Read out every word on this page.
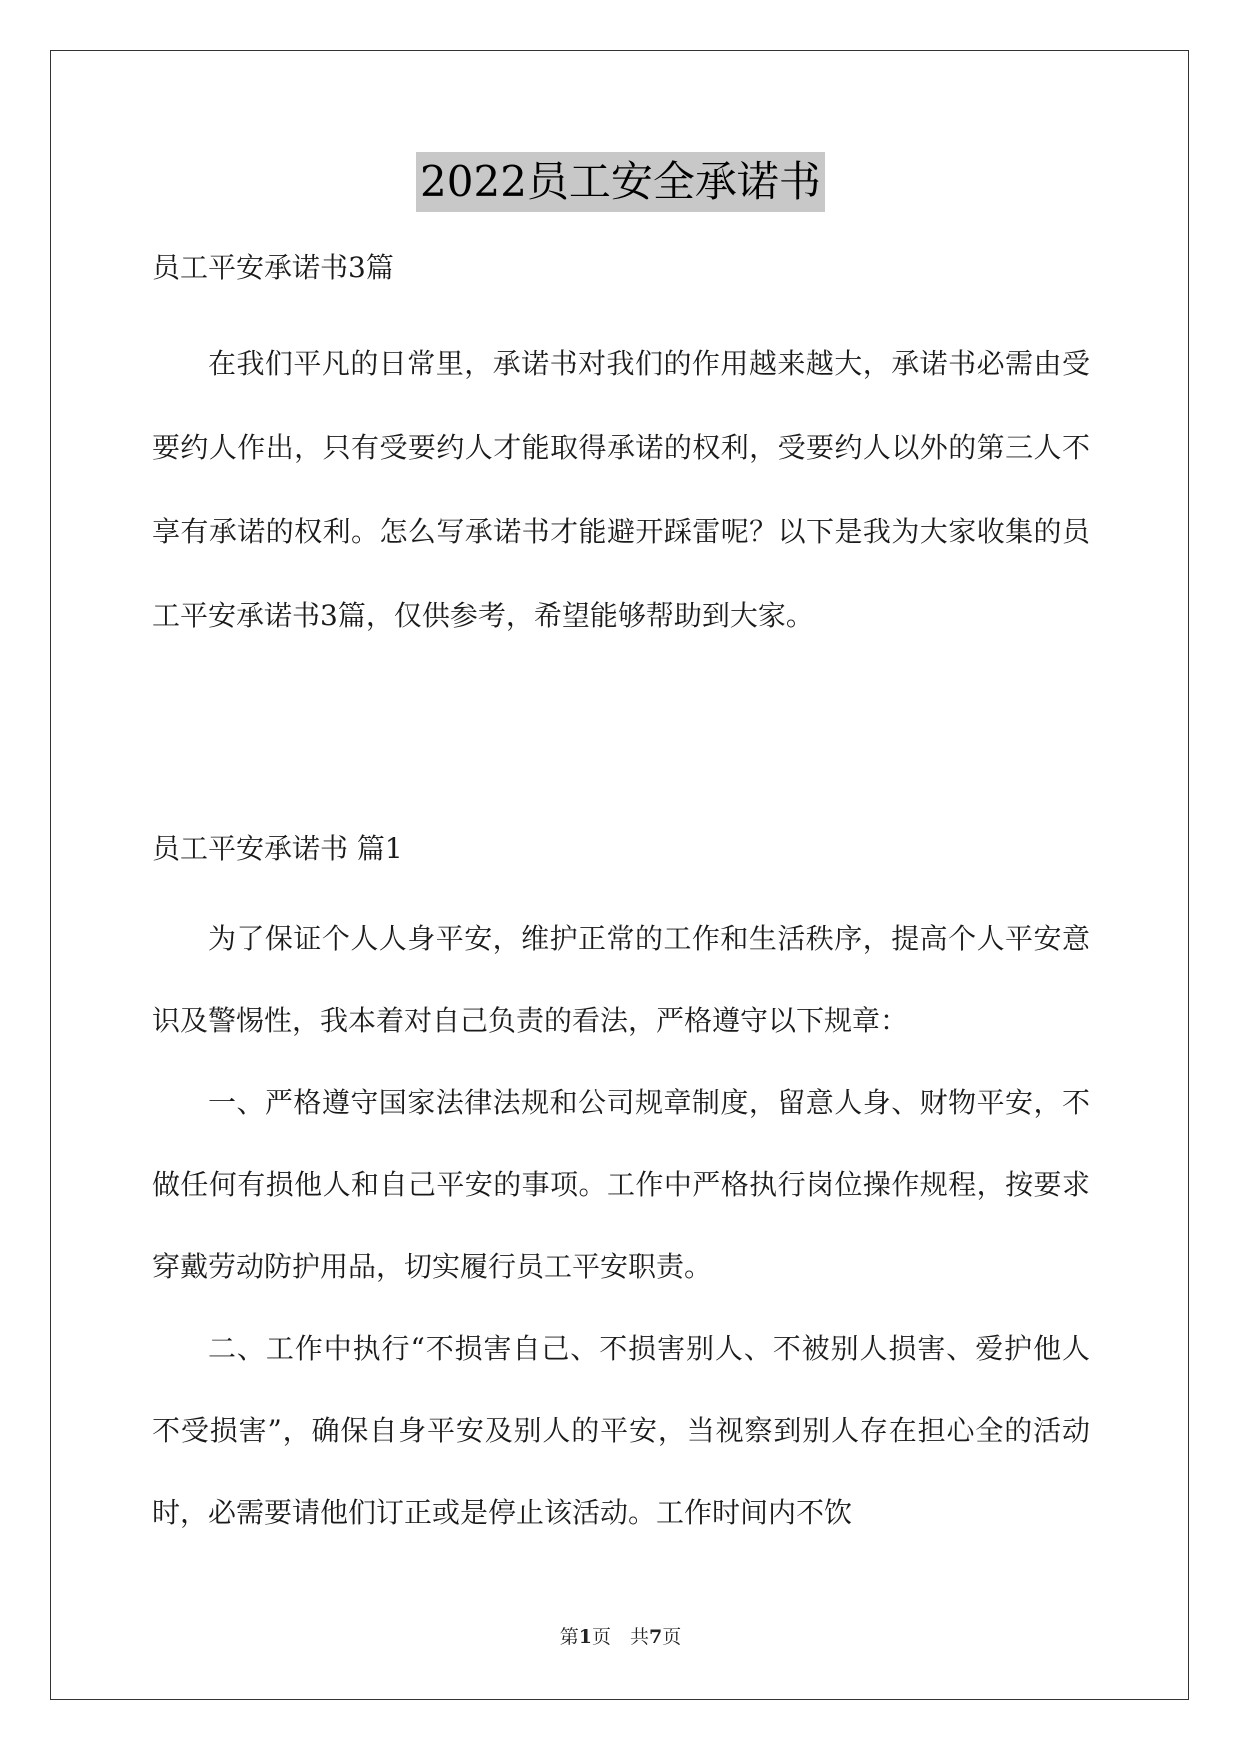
2022员工安全承诺书
员工平安承诺书3篇

在我们平凡的日常里，承诺书对我们的作用越来越大，承诺书必需由受要约人作出，只有受要约人才能取得承诺的权利，受要约人以外的第三人不享有承诺的权利。怎么写承诺书才能避开踩雷呢？以下是我为大家收集的员工平安承诺书3篇，仅供参考，希望能够帮助到大家。

员工平安承诺书 篇1

为了保证个人人身平安，维护正常的工作和生活秩序，提高个人平安意识及警惕性，我本着对自己负责的看法，严格遵守以下规章：

一、严格遵守国家法律法规和公司规章制度，留意人身、财物平安，不做任何有损他人和自己平安的事项。工作中严格执行岗位操作规程，按要求穿戴劳动防护用品，切实履行员工平安职责。

二、工作中执行“不损害自己、不损害别人、不被别人损害、爱护他人不受损害”，确保自身平安及别人的平安，当视察到别人存在担心全的活动时，必需要请他们订正或是停止该活动。工作时间内不饮

第1页　共7页
